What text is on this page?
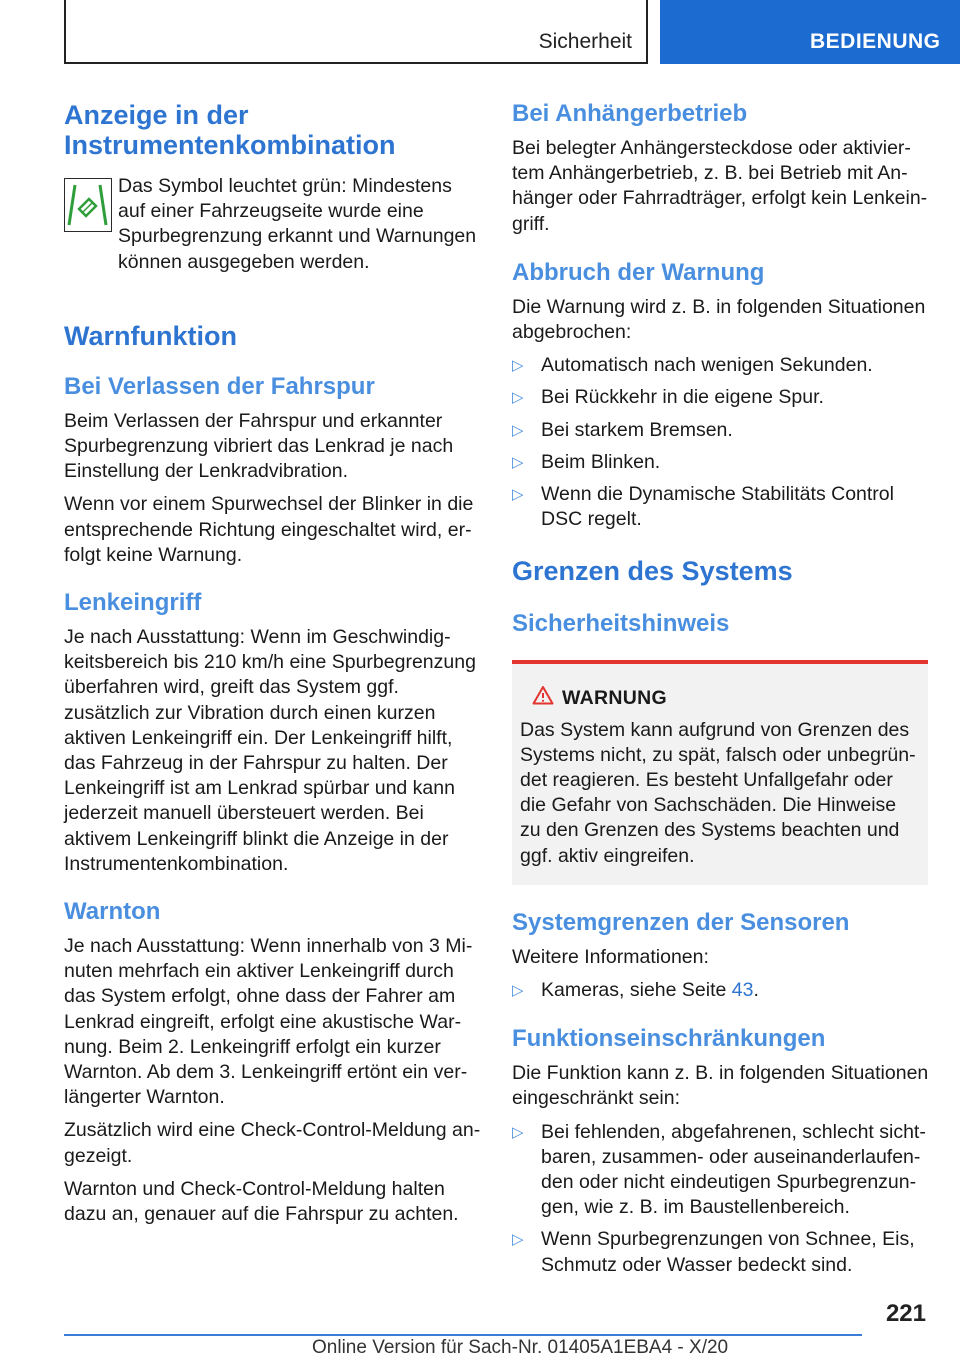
Sicherheit	BEDIENUNG
Anzeige in der Instrumentenkombination

Das Symbol leuchtet grün: Mindestens auf einer Fahrzeugseite wurde eine Spurbegrenzung erkannt und Warnungen können ausgegeben werden.

Warnfunktion
Bei Verlassen der Fahrspur

Beim Verlassen der Fahrspur und erkannter Spurbegrenzung vibriert das Lenkrad je nach Einstellung der Lenkradvibration.

Wenn vor einem Spurwechsel der Blinker in die entsprechende Richtung eingeschaltet wird, erfolgt keine Warnung.

Lenkeingriff

Je nach Ausstattung: Wenn im Geschwindigkeitsbereich bis 210 km/h eine Spurbegrenzung überfahren wird, greift das System ggf. zusätzlich zur Vibration durch einen kurzen aktiven Lenkeingriff ein. Der Lenkeingriff hilft, das Fahrzeug in der Fahrspur zu halten. Der Lenkeingriff ist am Lenkrad spürbar und kann jederzeit manuell übersteuert werden. Bei aktivem Lenkeingriff blinkt die Anzeige in der Instrumentenkombination.

Warnton

Je nach Ausstattung: Wenn innerhalb von 3 Minuten mehrfach ein aktiver Lenkeingriff durch das System erfolgt, ohne dass der Fahrer am Lenkrad eingreift, erfolgt eine akustische Warnung. Beim 2. Lenkeingriff erfolgt ein kurzer Warnton. Ab dem 3. Lenkeingriff ertönt ein verlängerter Warnton.

Zusätzlich wird eine Check-Control-Meldung angezeigt.

Warnton und Check-Control-Meldung halten dazu an, genauer auf die Fahrspur zu achten.

Bei Anhängerbetrieb

Bei belegter Anhängersteckdose oder aktiviertem Anhängerbetrieb, z. B. bei Betrieb mit Anhänger oder Fahrradträger, erfolgt kein Lenkeingriff.

Abbruch der Warnung

Die Warnung wird z. B. in folgenden Situationen abgebrochen:

▷ Automatisch nach wenigen Sekunden.
▷ Bei Rückkehr in die eigene Spur.
▷ Bei starkem Bremsen.
▷ Beim Blinken.
▷ Wenn die Dynamische Stabilitäts Control DSC regelt.
Grenzen des Systems
Sicherheitshinweis
WARNUNG

Das System kann aufgrund von Grenzen des Systems nicht, zu spät, falsch oder unbegründet reagieren. Es besteht Unfallgefahr oder die Gefahr von Sachschäden. Die Hinweise zu den Grenzen des Systems beachten und ggf. aktiv eingreifen.

Systemgrenzen der Sensoren

Weitere Informationen:

▷ Kameras, siehe Seite 43.
Funktionseinschränkungen

Die Funktion kann z. B. in folgenden Situationen eingeschränkt sein:

▷ Bei fehlenden, abgefahrenen, schlecht sichtbaren, zusammen- oder auseinanderlaufenden oder nicht eindeutigen Spurbegrenzungen, wie z. B. im Baustellenbereich.
▷ Wenn Spurbegrenzungen von Schnee, Eis, Schmutz oder Wasser bedeckt sind.
221
Online Version für Sach-Nr. 01405A1EBA4 - X/20
